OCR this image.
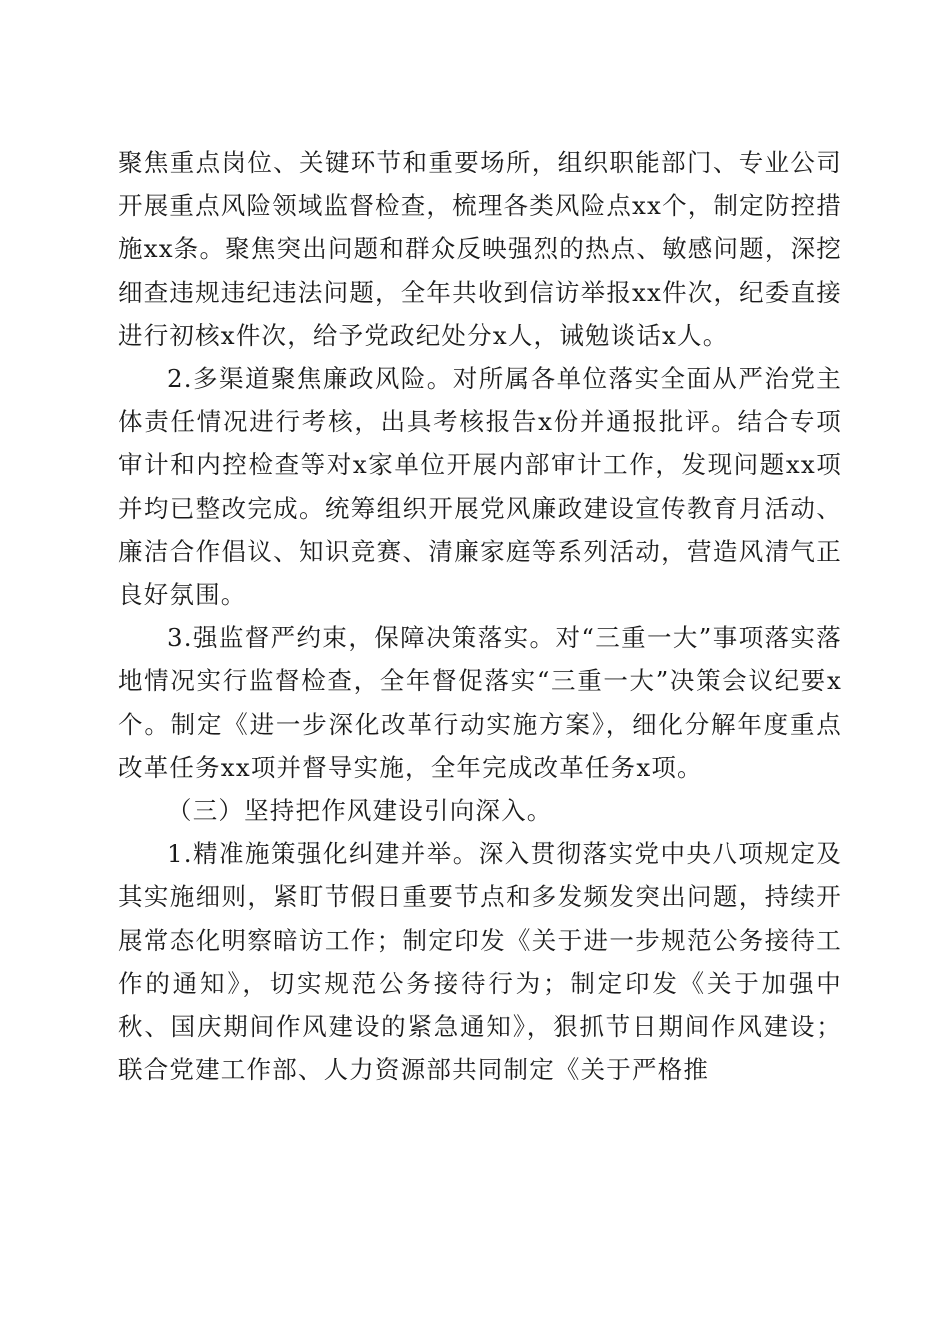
聚焦重点岗位、关键环节和重要场所，组织职能部门、专业公司开展重点风险领域监督检查，梳理各类风险点xx个，制定防控措施xx条。聚焦突出问题和群众反映强烈的热点、敏感问题，深挖细查违规违纪违法问题，全年共收到信访举报xx件次，纪委直接进行初核x件次，给予党政纪处分x人，诫勉谈话x人。

2.多渠道聚焦廉政风险。对所属各单位落实全面从严治党主体责任情况进行考核，出具考核报告x份并通报批评。结合专项审计和内控检查等对x家单位开展内部审计工作，发现问题xx项并均已整改完成。统筹组织开展党风廉政建设宣传教育月活动、廉洁合作倡议、知识竞赛、清廉家庭等系列活动，营造风清气正良好氛围。

3.强监督严约束，保障决策落实。对“三重一大”事项落实落地情况实行监督检查，全年督促落实“三重一大”决策会议纪要x个。制定《进一步深化改革行动实施方案》，细化分解年度重点改革任务xx项并督导实施，全年完成改革任务x项。

（三）坚持把作风建设引向深入。

1.精准施策强化纠建并举。深入贯彻落实党中央八项规定及其实施细则，紧盯节假日重要节点和多发频发突出问题，持续开展常态化明察暗访工作；制定印发《关于进一步规范公务接待工作的通知》，切实规范公务接待行为；制定印发《关于加强中秋、国庆期间作风建设的紧急通知》，狠抓节日期间作风建设；联合党建工作部、人力资源部共同制定《关于严格推
